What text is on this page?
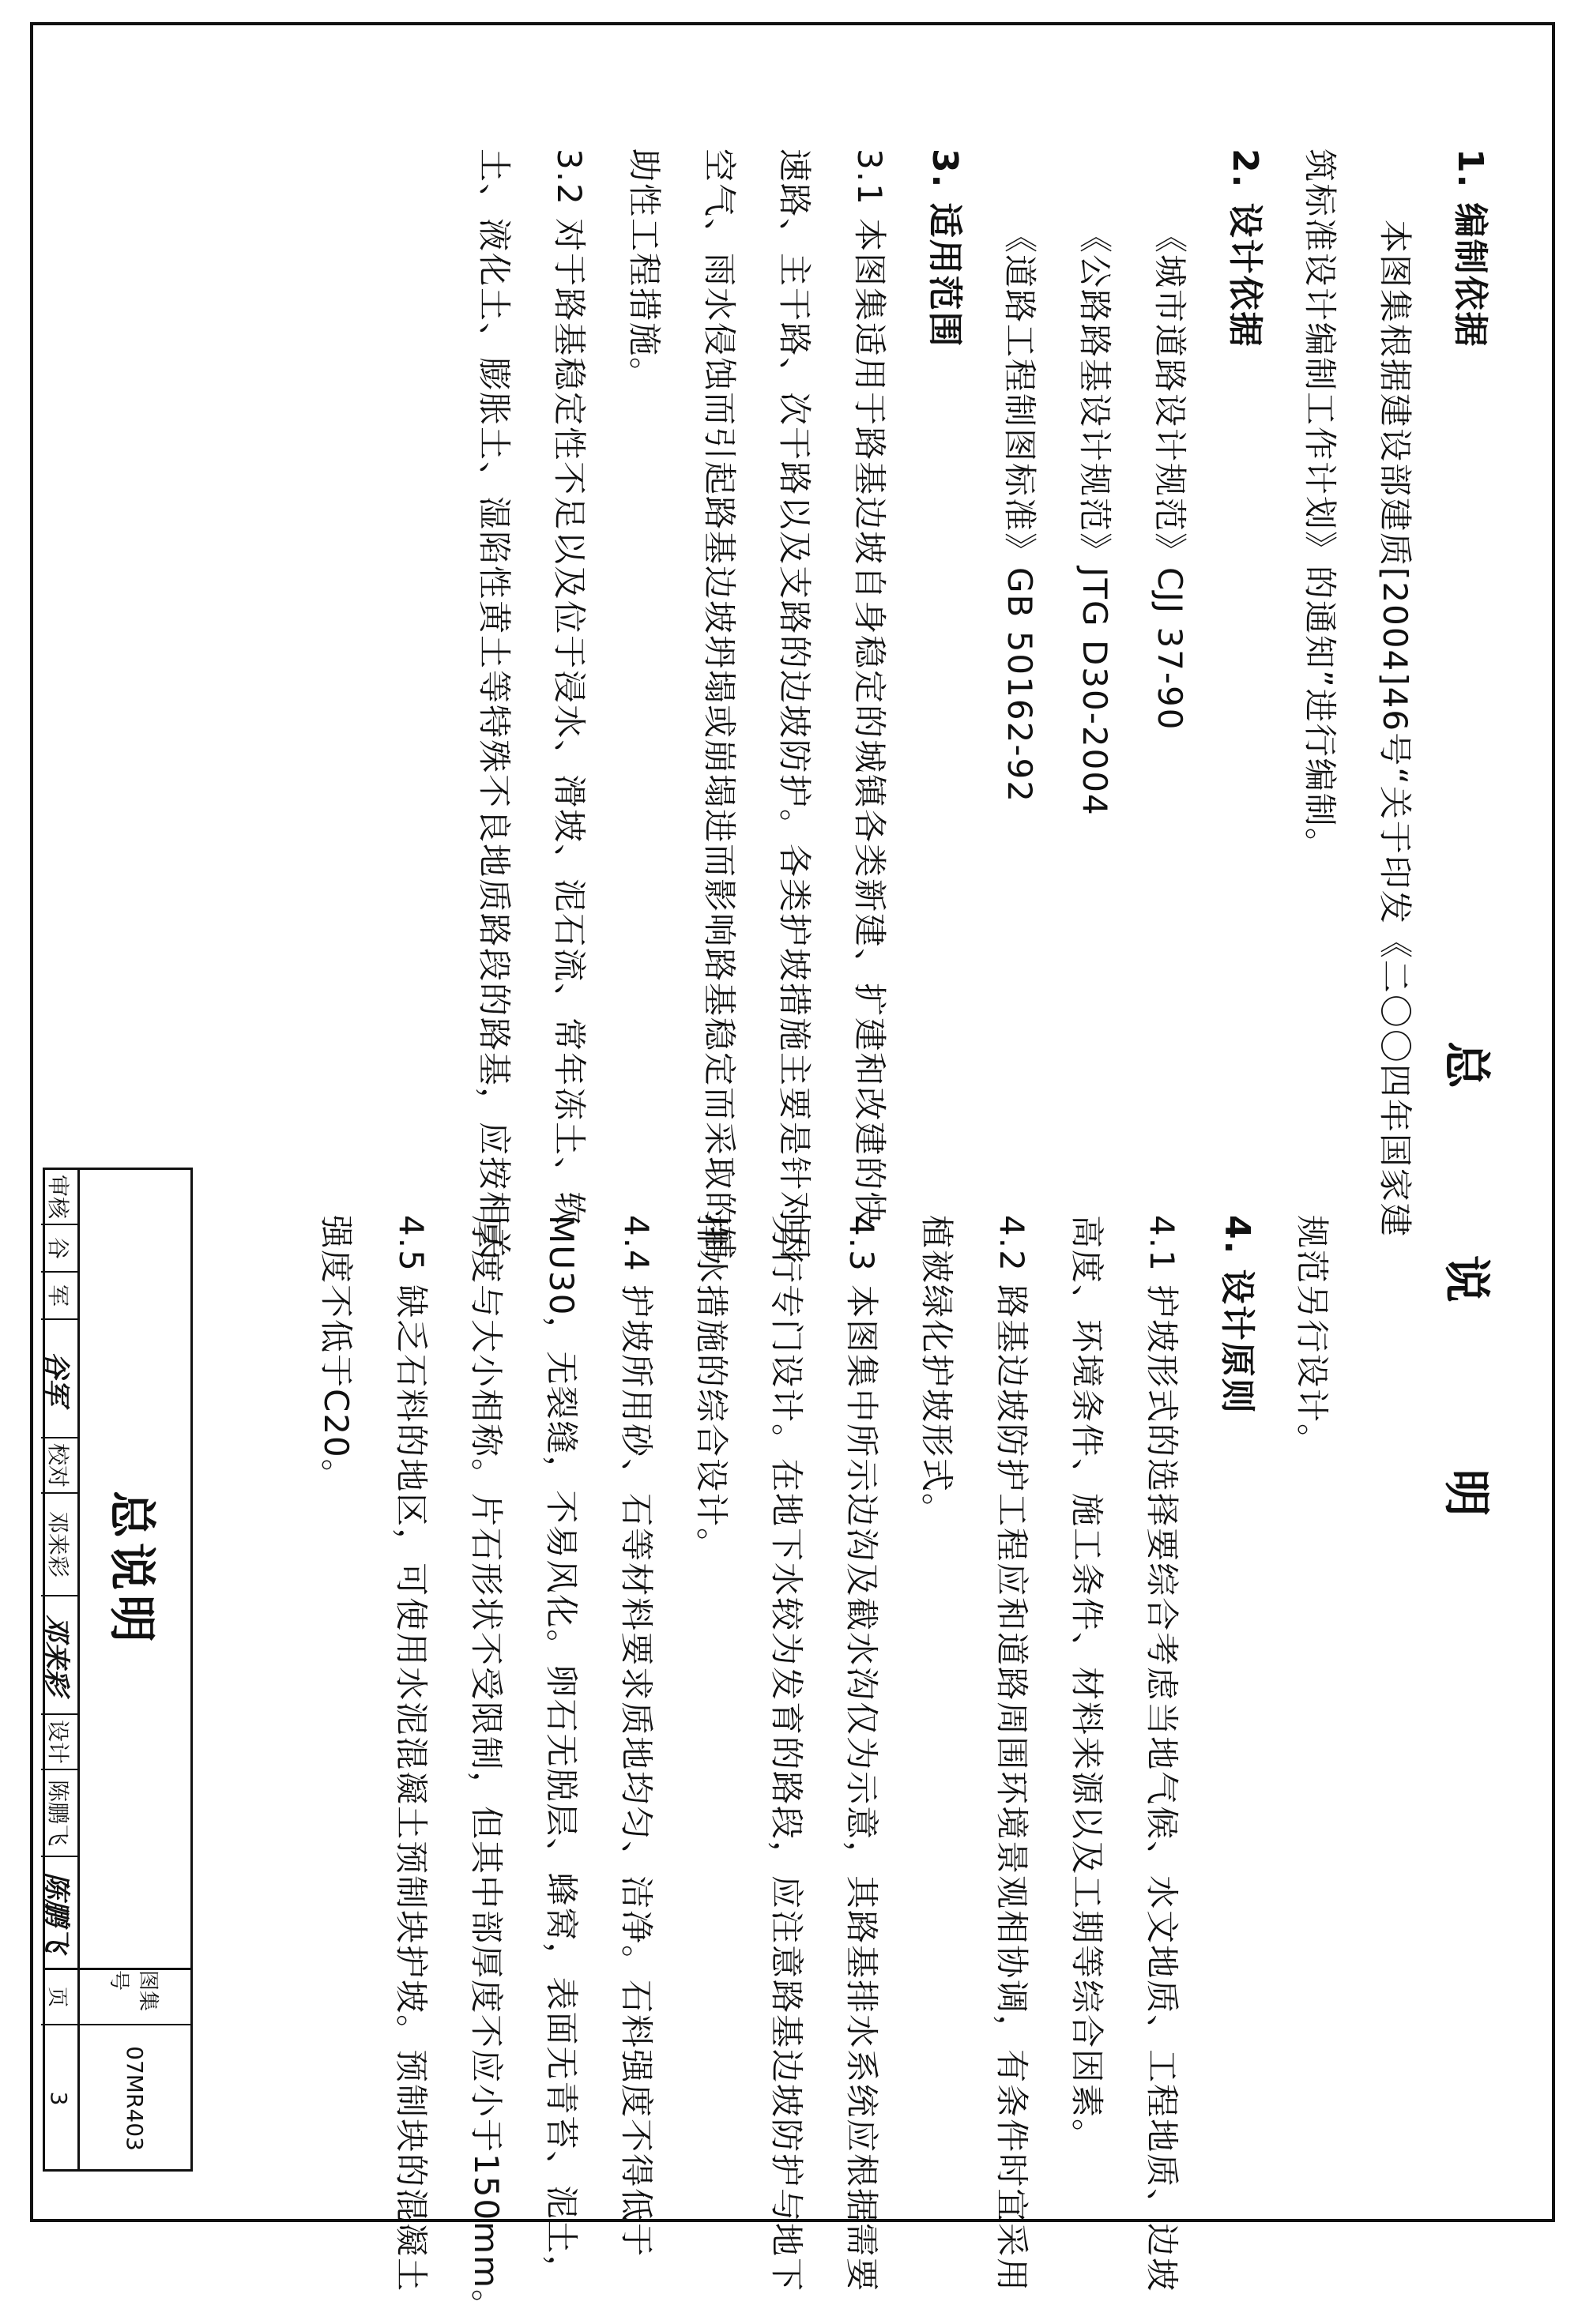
总 说 明

1. 编制依据

本图集根据建设部建质[2004]46号“关于印发《二〇〇四年国家建

筑标准设计编制工作计划》的通知”进行编制。

2. 设计依据

《城市道路设计规范》CJJ 37-90

《公路路基设计规范》JTG D30-2004

《道路工程制图标准》GB 50162-92

3. 适用范围

3.1 本图集适用于路基边坡自身稳定的城镇各类新建、扩建和改建的快

速路、主干路、次干路以及支路的边坡防护。各类护坡措施主要是针对因

空气、雨水侵蚀而引起路基边坡坍塌或崩塌进而影响路基稳定而采取的辅

助性工程措施。

3.2 对于路基稳定性不足以及位于浸水、滑坡、泥石流、常年冻土、软

土、液化土、膨胀土、湿陷性黄土等特殊不良地质路段的路基，应按相关

规范另行设计。

4. 设计原则

4.1 护坡形式的选择要综合考虑当地气候、水文地质、工程地质、边坡

高度、环境条件、施工条件、材料来源以及工期等综合因素。

4.2 路基边坡防护工程应和道路周围环境景观相协调，有条件时宜采用

植被绿化护坡形式。

4.3 本图集中所示边沟及截水沟仅为示意，其路基排水系统应根据需要

另行专门设计。在地下水较为发育的路段，应注意路基边坡防护与地下

排水措施的综合设计。

4.4 护坡所用砂、石等材料要求质地均匀、洁净。石料强度不得低于

MU30，无裂缝，不易风化。卵石无脱层、蜂窝，表面无青苔、泥土，

厚度与大小相称。片石形状不受限制，但其中部厚度不应小于150mm。

4.5 缺乏石料的地区，可使用水泥混凝土预制块护坡。预制块的混凝土

强度不低于C20。

总说明
审核
谷
军
谷军
校对
邓来彩
邓来彩
设计
陈鹏飞
陈鹏飞
图集号
07MR403
页
3
